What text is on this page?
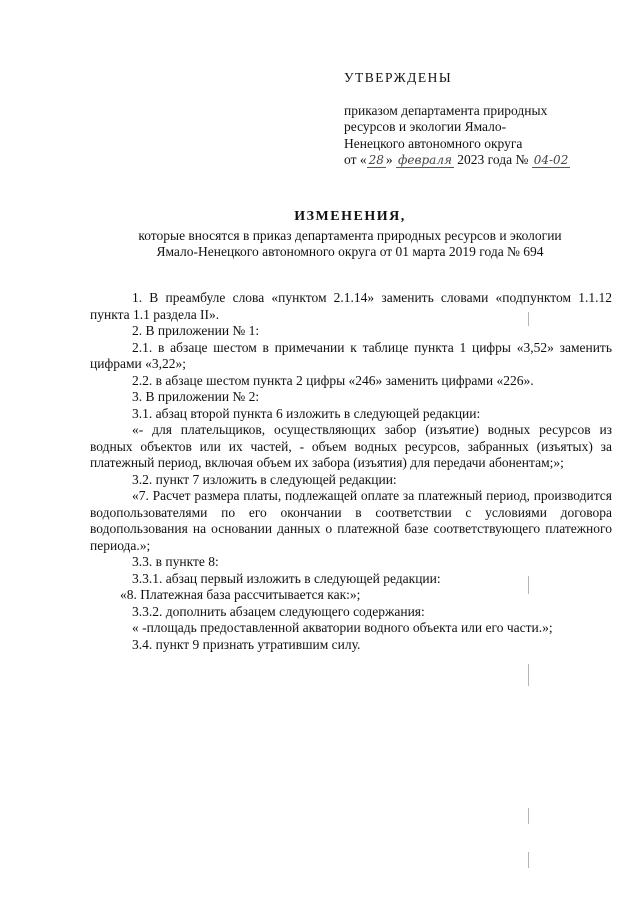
УТВЕРЖДЕНЫ
приказом департамента природных
ресурсов и экологии Ямало-
Ненецкого автономного округа
от « 28 » февраля 2023 года № 04-02
ИЗМЕНЕНИЯ,
которые вносятся в приказ департамента природных ресурсов и экологии
Ямало-Ненецкого автономного округа от 01 марта 2019 года № 694

1. В преамбуле слова «пунктом 2.1.14» заменить словами «подпунктом 1.1.12 пункта 1.1 раздела II».

2. В приложении № 1:

2.1. в абзаце шестом в примечании к таблице пункта 1 цифры «3,52» заменить цифрами «3,22»;

2.2. в абзаце шестом пункта 2 цифры «246» заменить цифрами «226».

3. В приложении № 2:

3.1. абзац второй пункта 6 изложить в следующей редакции:

«- для плательщиков, осуществляющих забор (изъятие) водных ресурсов из водных объектов или их частей, - объем водных ресурсов, забранных (изъятых) за платежный период, включая объем их забора (изъятия) для передачи абонентам;»;

3.2. пункт 7 изложить в следующей редакции:

«7. Расчет размера платы, подлежащей оплате за платежный период, производится водопользователями по его окончании в соответствии с условиями договора водопользования на основании данных о платежной базе соответствующего платежного периода.»;

3.3. в пункте 8:

3.3.1. абзац первый изложить в следующей редакции:

«8. Платежная база рассчитывается как:»;

3.3.2. дополнить абзацем следующего содержания:

« -площадь предоставленной акватории водного объекта или его части.»;

3.4. пункт 9 признать утратившим силу.
